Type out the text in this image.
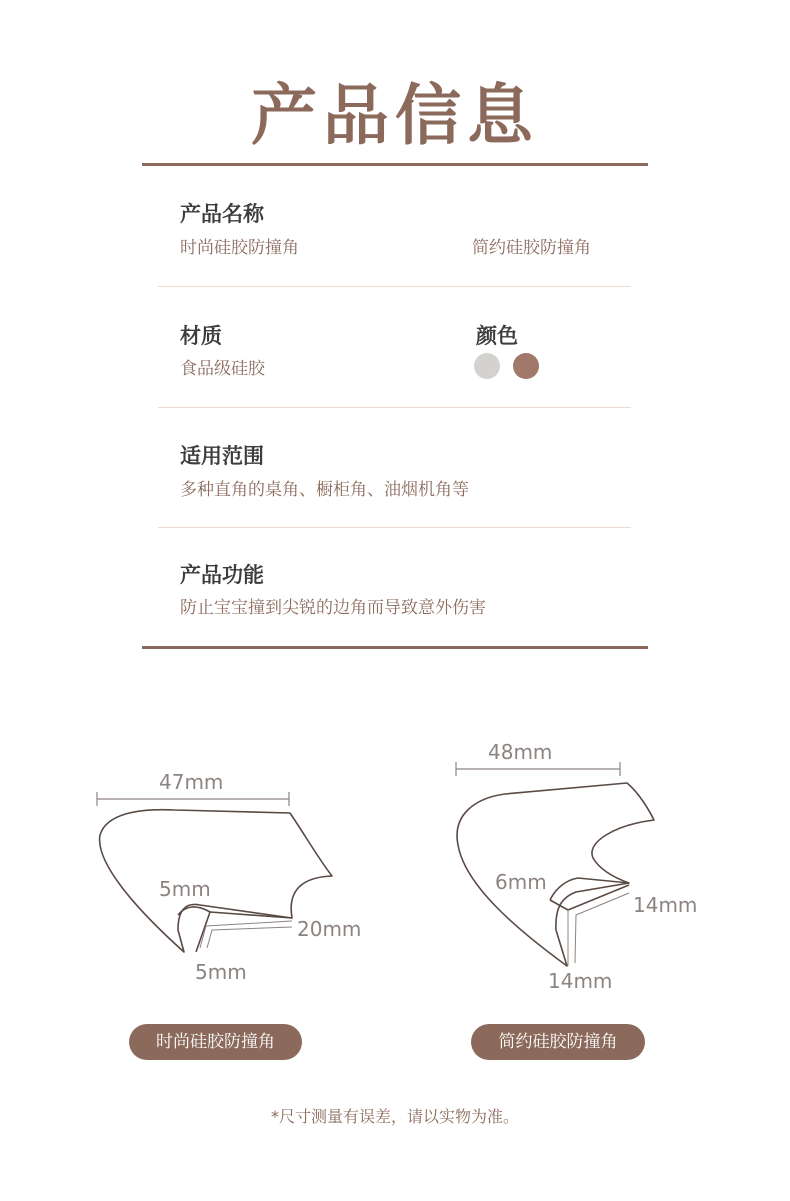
产品信息
产品名称
时尚硅胶防撞角	简约硅胶防撞角
材质
食品级硅胶
颜色
适用范围
多种直角的桌角、橱柜角、油烟机角等
产品功能
防止宝宝撞到尖锐的边角而导致意外伤害
47mm
5mm
20mm
5mm
48mm
6mm
14mm
14mm
时尚硅胶防撞角	简约硅胶防撞角
*尺寸测量有误差，请以实物为准。
